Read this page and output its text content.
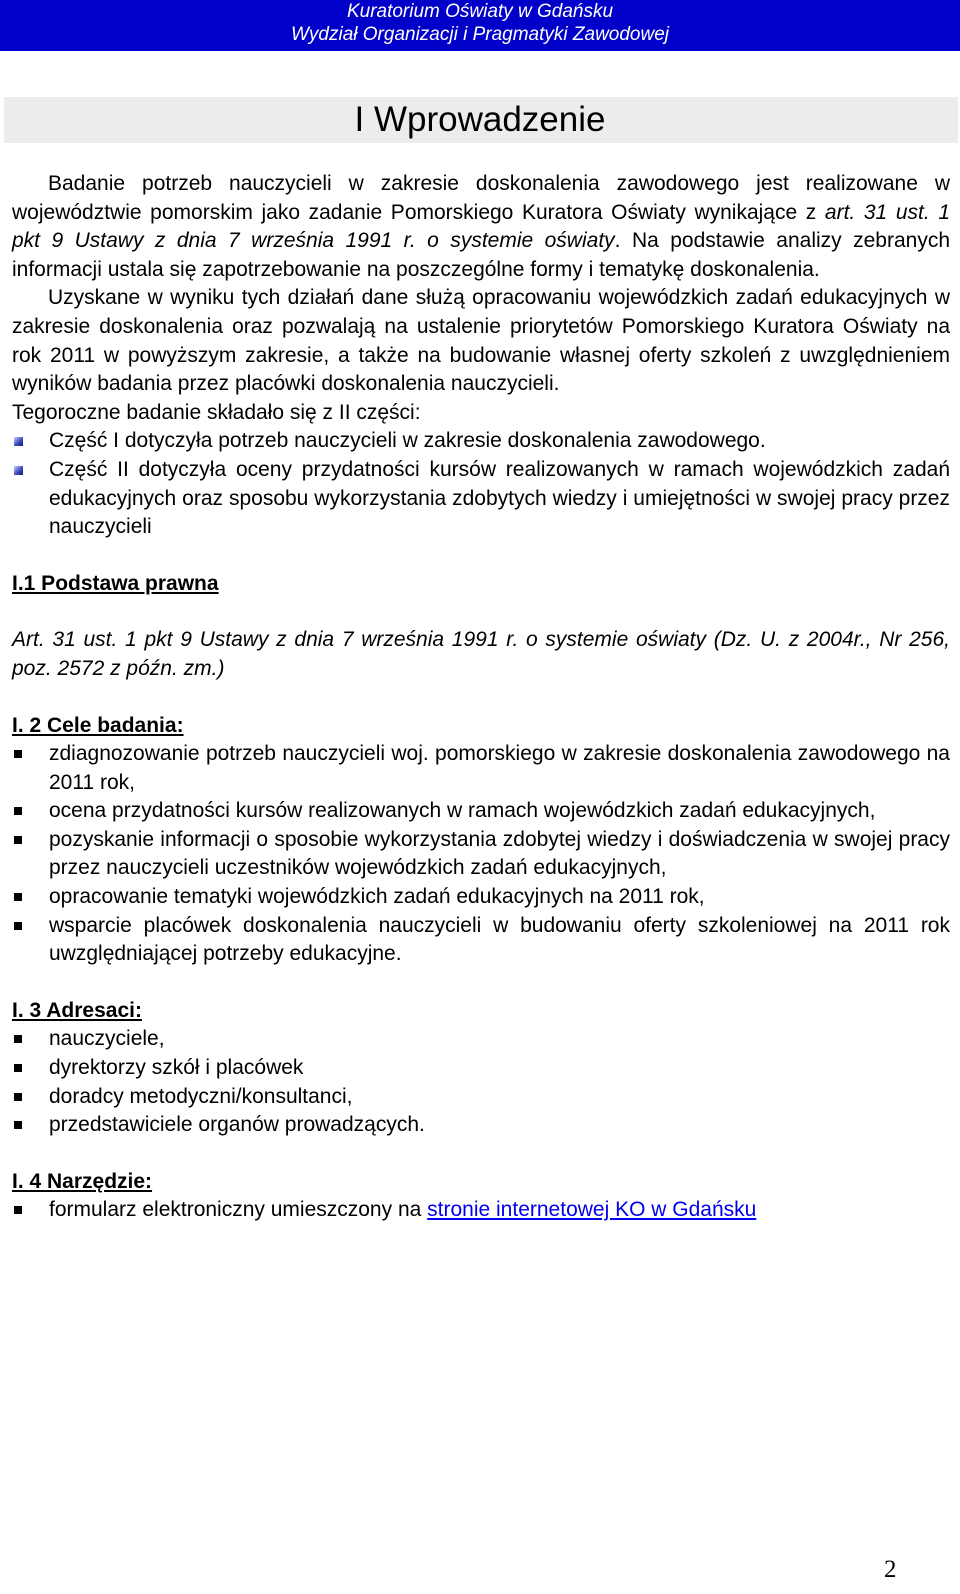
Kuratorium Oświaty w Gdańsku
Wydział Organizacji i Pragmatyki Zawodowej
I Wprowadzenie

Badanie potrzeb nauczycieli w zakresie doskonalenia zawodowego jest realizowane w województwie pomorskim jako zadanie Pomorskiego Kuratora Oświaty wynikające z art. 31 ust. 1 pkt 9 Ustawy z dnia 7 września 1991 r. o systemie oświaty. Na podstawie analizy zebranych informacji ustala się zapotrzebowanie na poszczególne formy i tematykę doskonalenia.

Uzyskane w wyniku tych działań dane służą opracowaniu wojewódzkich zadań edukacyjnych w zakresie doskonalenia oraz pozwalają na ustalenie priorytetów Pomorskiego Kuratora Oświaty na rok 2011 w powyższym zakresie, a także na budowanie własnej oferty szkoleń z uwzględnieniem wyników badania przez placówki doskonalenia nauczycieli.

Tegoroczne badanie składało się z II części:

Część I dotyczyła potrzeb nauczycieli w zakresie doskonalenia zawodowego.
Część II dotyczyła oceny przydatności kursów realizowanych w ramach wojewódzkich zadań edukacyjnych oraz sposobu wykorzystania zdobytych wiedzy i umiejętności w swojej pracy przez nauczycieli

I.1 Podstawa prawna

Art. 31 ust. 1 pkt 9 Ustawy z dnia 7 września 1991 r. o systemie oświaty (Dz. U. z 2004r., Nr 256, poz. 2572 z późn. zm.)

I. 2 Cele badania:

zdiagnozowanie potrzeb nauczycieli woj. pomorskiego w zakresie doskonalenia zawodowego na 2011 rok,
ocena przydatności kursów realizowanych w ramach wojewódzkich zadań edukacyjnych,
pozyskanie informacji o sposobie wykorzystania zdobytej wiedzy i doświadczenia w swojej pracy przez nauczycieli uczestników wojewódzkich zadań edukacyjnych,
opracowanie tematyki wojewódzkich zadań edukacyjnych na 2011 rok,
wsparcie placówek doskonalenia nauczycieli w budowaniu oferty szkoleniowej na 2011 rok uwzględniającej potrzeby edukacyjne.

I. 3 Adresaci:

nauczyciele,
dyrektorzy szkół i placówek
doradcy metodyczni/konsultanci,
przedstawiciele organów prowadzących.

I. 4 Narzędzie:

formularz elektroniczny umieszczony na stronie internetowej KO w Gdańsku
2
